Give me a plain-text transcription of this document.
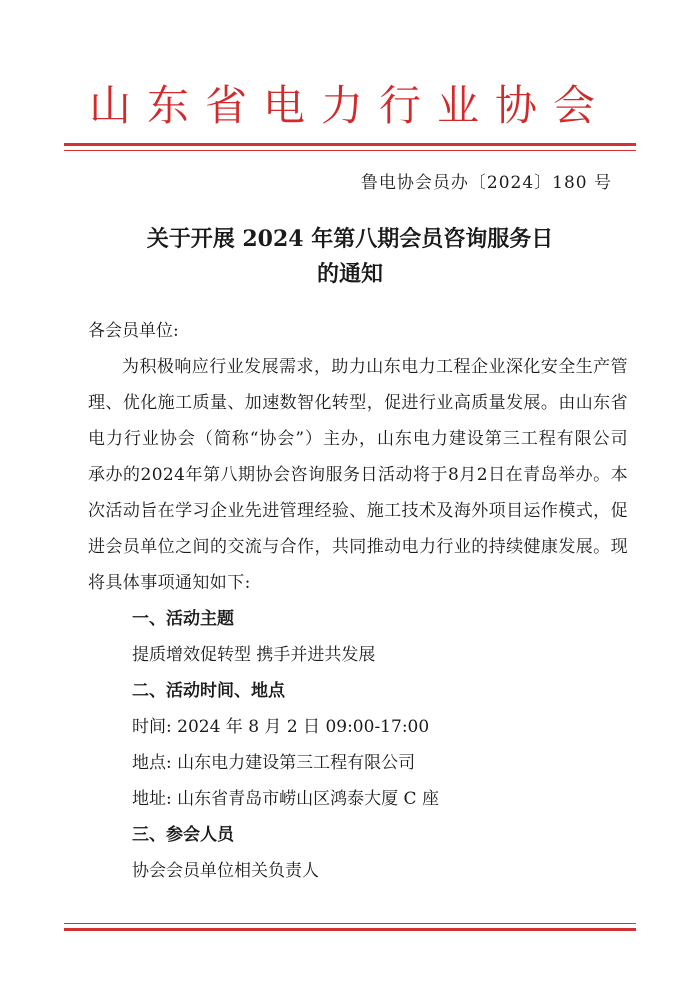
山东省电力行业协会
鲁电协会员办〔2024〕180 号
关于开展 2024 年第八期会员咨询服务日
的通知

各会员单位:

为积极响应行业发展需求，助力山东电力工程企业深化安全生产管理、优化施工质量、加速数智化转型，促进行业高质量发展。由山东省电力行业协会（简称“协会”）主办，山东电力建设第三工程有限公司承办的2024年第八期协会咨询服务日活动将于8月2日在青岛举办。本次活动旨在学习企业先进管理经验、施工技术及海外项目运作模式，促进会员单位之间的交流与合作，共同推动电力行业的持续健康发展。现将具体事项通知如下:

一、活动主题

提质增效促转型 携手并进共发展

二、活动时间、地点

时间: 2024 年 8 月 2 日 09:00-17:00

地点: 山东电力建设第三工程有限公司

地址: 山东省青岛市崂山区鸿泰大厦 C 座

三、参会人员

协会会员单位相关负责人
